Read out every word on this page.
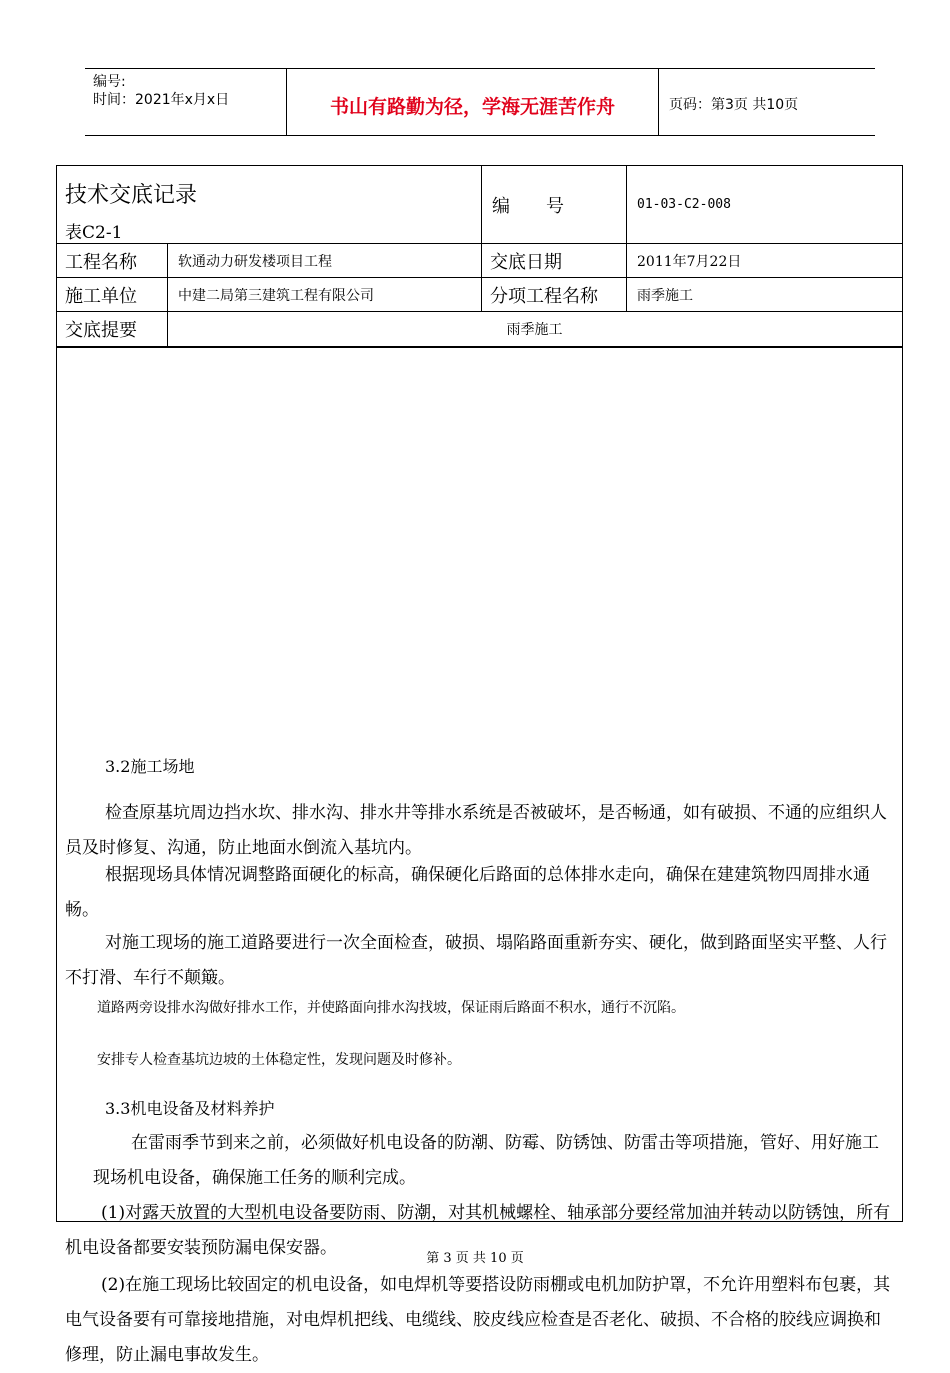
编号:
时间：2021年x月x日	书山有路勤为径，学海无涯苦作舟	页码：第3页 共10页
技术交底记录
表C2-1
编　　号	01-03-C2-008
工程名称	软通动力研发楼项目工程	交底日期	2011年7月22日
施工单位	中建二局第三建筑工程有限公司	分项工程名称	雨季施工
交底提要	雨季施工
3.2施工场地
检查原基坑周边挡水坎、排水沟、排水井等排水系统是否被破坏，是否畅通，如有破损、不通的应组织人员及时修复、沟通，防止地面水倒流入基坑内。
根据现场具体情况调整路面硬化的标高，确保硬化后路面的总体排水走向，确保在建建筑物四周排水通畅。
对施工现场的施工道路要进行一次全面检查，破损、塌陷路面重新夯实、硬化，做到路面坚实平整、人行不打滑、车行不颠簸。
道路两旁设排水沟做好排水工作，并使路面向排水沟找坡，保证雨后路面不积水，通行不沉陷。
安排专人检查基坑边坡的土体稳定性，发现问题及时修补。
3.3机电设备及材料养护
在雷雨季节到来之前，必须做好机电设备的防潮、防霉、防锈蚀、防雷击等项措施，管好、用好施工现场机电设备，确保施工任务的顺利完成。
(1)对露天放置的大型机电设备要防雨、防潮，对其机械螺栓、轴承部分要经常加油并转动以防锈蚀，所有机电设备都要安装预防漏电保安器。
(2)在施工现场比较固定的机电设备，如电焊机等要搭设防雨棚或电机加防护罩，不允许用塑料布包裹，其电气设备要有可靠接地措施，对电焊机把线、电缆线、胶皮线应检查是否老化、破损、不合格的胶线应调换和修理，防止漏电事故发生。
第 3 页 共 10 页
